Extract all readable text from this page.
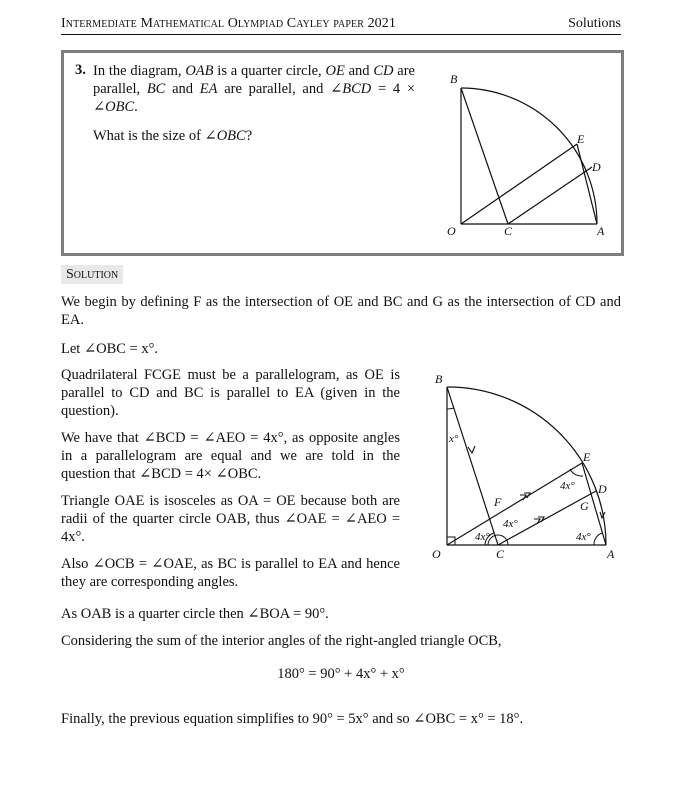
Intermediate Mathematical Olympiad Cayley paper 2021	Solutions
3. In the diagram, OAB is a quarter circle, OE and CD are parallel, BC and EA are parallel, and ∠BCD = 4 × ∠OBC.

What is the size of ∠OBC?

B
E
D
O	C	A
Solution

We begin by defining F as the intersection of OE and BC and G as the intersection of CD and EA.

Let ∠OBC = x°.

Quadrilateral FCGE must be a parallelogram, as OE is parallel to CD and BC is parallel to EA (given in the question).

We have that ∠BCD = ∠AEO = 4x°, as opposite angles in a parallelogram are equal and we are told in the question that ∠BCD = 4× ∠OBC.

Triangle OAE is isosceles as OA = OE because both are radii of the quarter circle OAB, thus ∠OAE = ∠AEO = 4x°.

Also ∠OCB = ∠OAE, as BC is parallel to EA and hence they are corresponding angles.

As OAB is a quarter circle then ∠BOA = 90°.

Considering the sum of the interior angles of the right-angled triangle OCB,

180° = 90° + 4x° + x°

Finally, the previous equation simplifies to 90° = 5x° and so ∠OBC = x° = 18°.

B
E
D
O	C	A
F	G
x°
4x°
4x°
4x°
4x°
